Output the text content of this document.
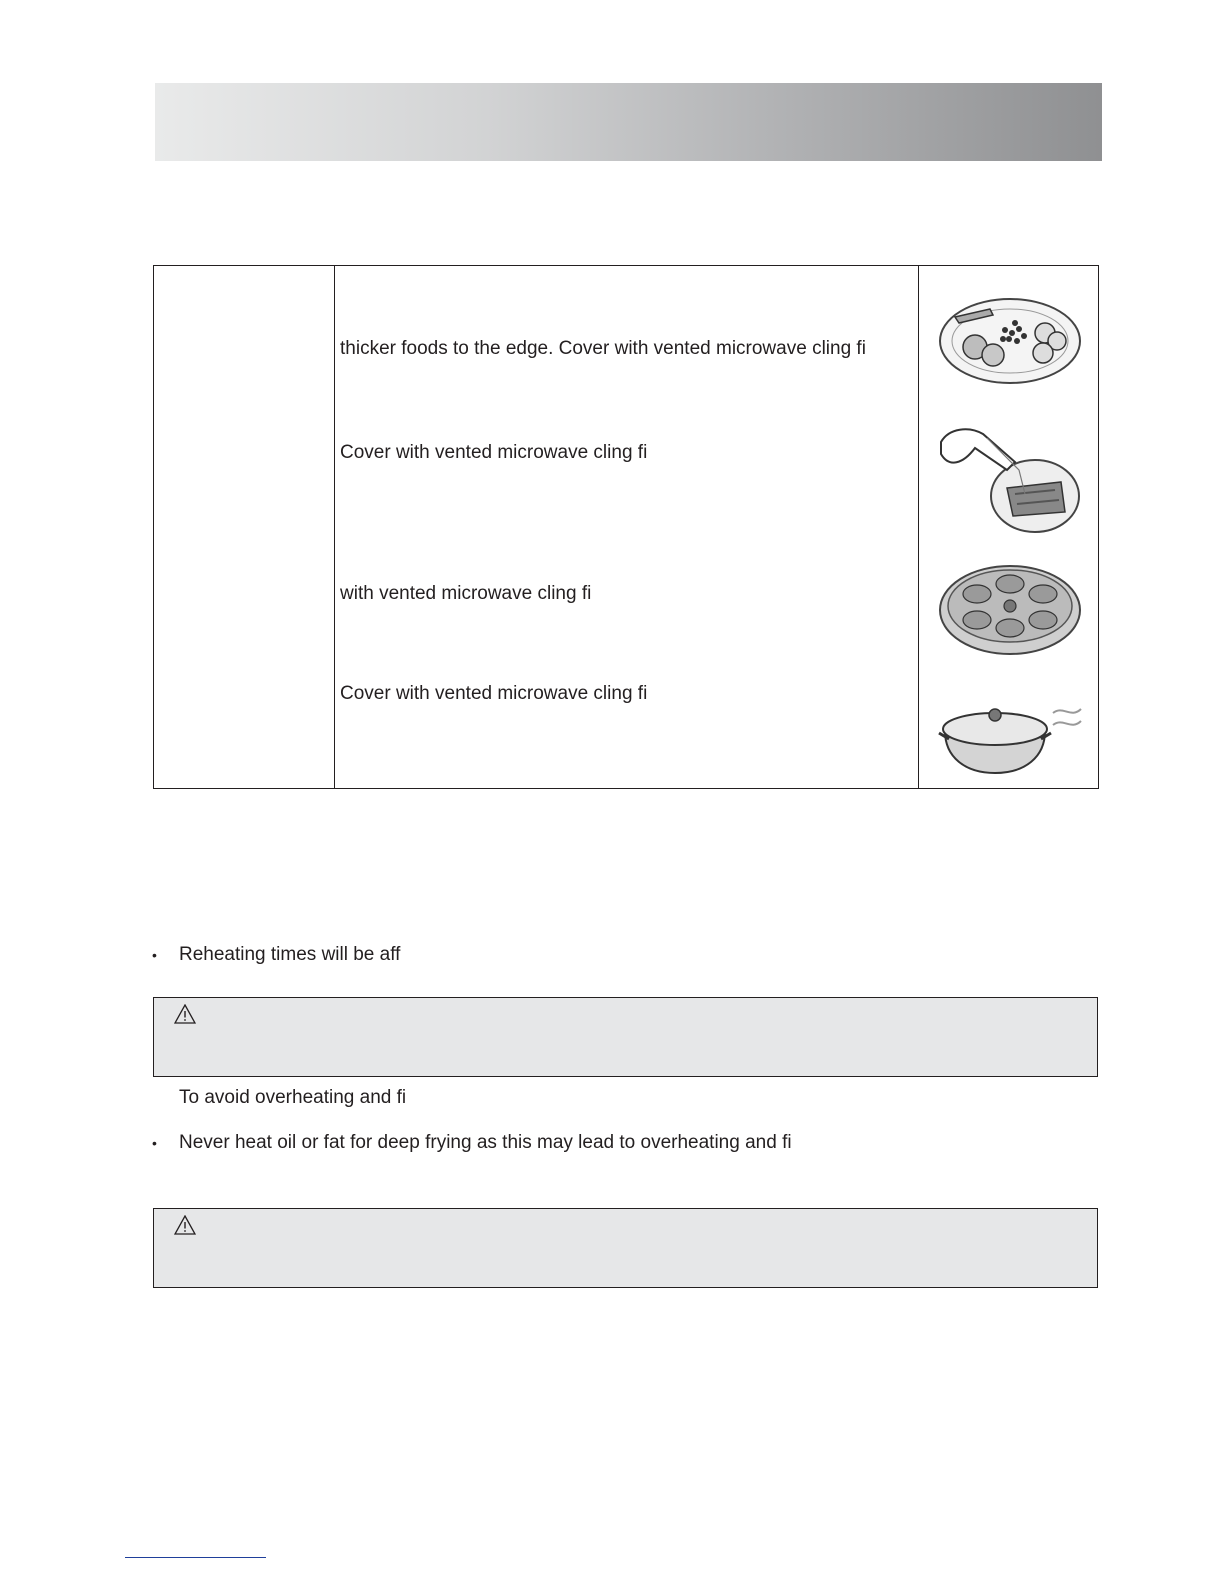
thicker foods to the edge. Cover with vented microwave cling fi
Cover with vented microwave cling fi
with vented microwave cling fi
Cover with vented microwave cling fi
• Reheating times will be aff
To avoid overheating and fi
• Never heat oil or fat for deep frying as this may lead to overheating and fi
